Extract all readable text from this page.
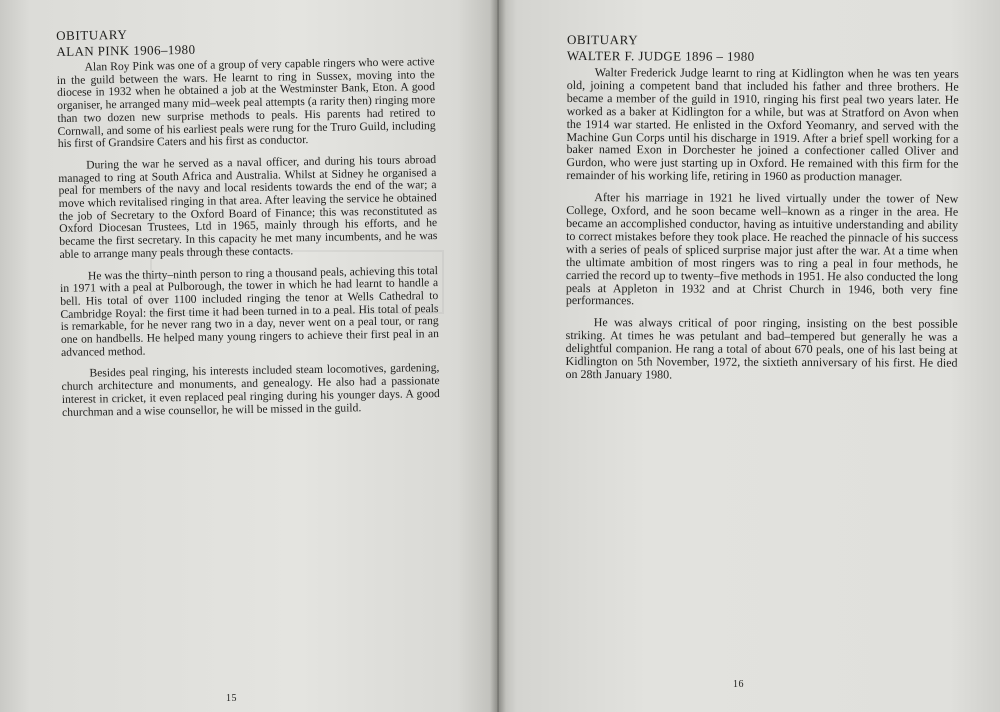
OBITUARY

ALAN PINK 1906–1980

Alan Roy Pink was one of a group of very capable ringers who were active in the guild between the wars. He learnt to ring in Sussex, moving into the diocese in 1932 when he obtained a job at the Westminster Bank, Eton. A good organiser, he arranged many mid–week peal attempts (a rarity then) ringing more than two dozen new surprise methods to peals. His parents had retired to Cornwall, and some of his earliest peals were rung for the Truro Guild, including his first of Grandsire Caters and his first as conductor.

During the war he served as a naval officer, and during his tours abroad managed to ring at South Africa and Australia. Whilst at Sidney he organised a peal for members of the navy and local residents towards the end of the war; a move which revitalised ringing in that area. After leaving the service he obtained the job of Secretary to the Oxford Board of Finance; this was reconstituted as Oxford Diocesan Trustees, Ltd in 1965, mainly through his efforts, and he became the first secretary. In this capacity he met many incumbents, and he was able to arrange many peals through these contacts.

He was the thirty–ninth person to ring a thousand peals, achieving this total in 1971 with a peal at Pulborough, the tower in which he had learnt to handle a bell. His total of over 1100 included ringing the tenor at Wells Cathedral to Cambridge Royal: the first time it had been turned in to a peal. His total of peals is remarkable, for he never rang two in a day, never went on a peal tour, or rang one on handbells. He helped many young ringers to achieve their first peal in an advanced method.

Besides peal ringing, his interests included steam locomotives, gardening, church architecture and monuments, and genealogy. He also had a passionate interest in cricket, it even replaced peal ringing during his younger days. A good churchman and a wise counsellor, he will be missed in the guild.

OBITUARY

WALTER F. JUDGE 1896 – 1980

Walter Frederick Judge learnt to ring at Kidlington when he was ten years old, joining a competent band that included his father and three brothers. He became a member of the guild in 1910, ringing his first peal two years later. He worked as a baker at Kidlington for a while, but was at Stratford on Avon when the 1914 war started. He enlisted in the Oxford Yeomanry, and served with the Machine Gun Corps until his discharge in 1919. After a brief spell working for a baker named Exon in Dorchester he joined a confectioner called Oliver and Gurdon, who were just starting up in Oxford. He remained with this firm for the remainder of his working life, retiring in 1960 as production manager.

After his marriage in 1921 he lived virtually under the tower of New College, Oxford, and he soon became well–known as a ringer in the area. He became an accomplished conductor, having as intuitive understanding and ability to correct mistakes before they took place. He reached the pinnacle of his success with a series of peals of spliced surprise major just after the war. At a time when the ultimate ambition of most ringers was to ring a peal in four methods, he carried the record up to twenty–five methods in 1951. He also conducted the long peals at Appleton in 1932 and at Christ Church in 1946, both very fine performances.

He was always critical of poor ringing, insisting on the best possible striking. At times he was petulant and bad–tempered but generally he was a delightful companion. He rang a total of about 670 peals, one of his last being at Kidlington on 5th November, 1972, the sixtieth anniversary of his first. He died on 28th January 1980.

15
16
